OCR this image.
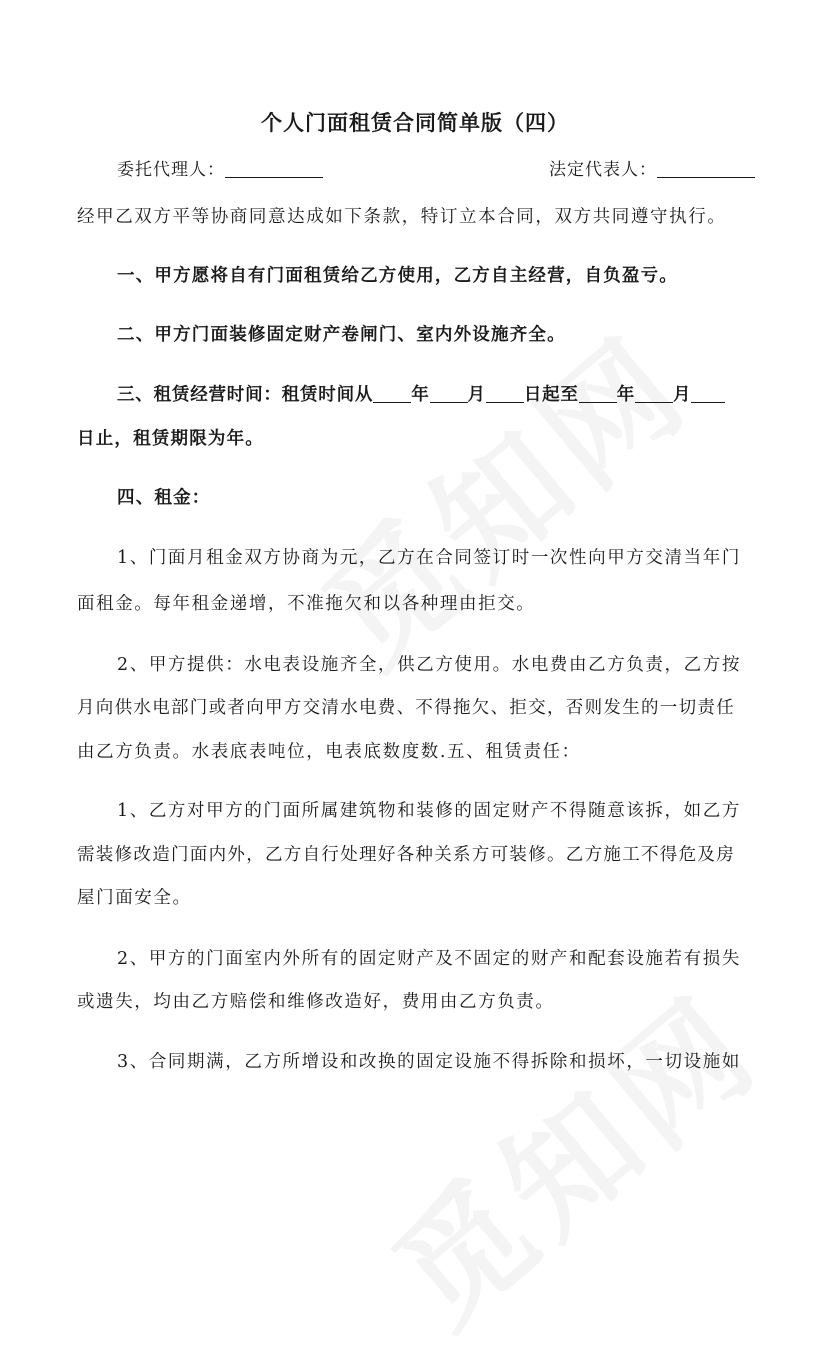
个人门面租赁合同简单版（四）
委托代理人：	法定代表人：
经甲乙双方平等协商同意达成如下条款，特订立本合同，双方共同遵守执行。
一、甲方愿将自有门面租赁给乙方使用，乙方自主经营，自负盈亏。
二、甲方门面装修固定财产卷闸门、室内外设施齐全。
三、租赁经营时间：租赁时间从 年 月 日起至 年 月
日止，租赁期限为年。
四、租金：
1、门面月租金双方协商为元，乙方在合同签订时一次性向甲方交清当年门
面租金。每年租金递增，不准拖欠和以各种理由拒交。
2、甲方提供：水电表设施齐全，供乙方使用。水电费由乙方负责，乙方按
月向供水电部门或者向甲方交清水电费、不得拖欠、拒交，否则发生的一切责任
由乙方负责。水表底表吨位，电表底数度数.五、租赁责任：
1、乙方对甲方的门面所属建筑物和装修的固定财产不得随意该拆，如乙方
需装修改造门面内外，乙方自行处理好各种关系方可装修。乙方施工不得危及房
屋门面安全。
2、甲方的门面室内外所有的固定财产及不固定的财产和配套设施若有损失
或遗失，均由乙方赔偿和维修改造好，费用由乙方负责。
3、合同期满，乙方所增设和改换的固定设施不得拆除和损坏，一切设施如
